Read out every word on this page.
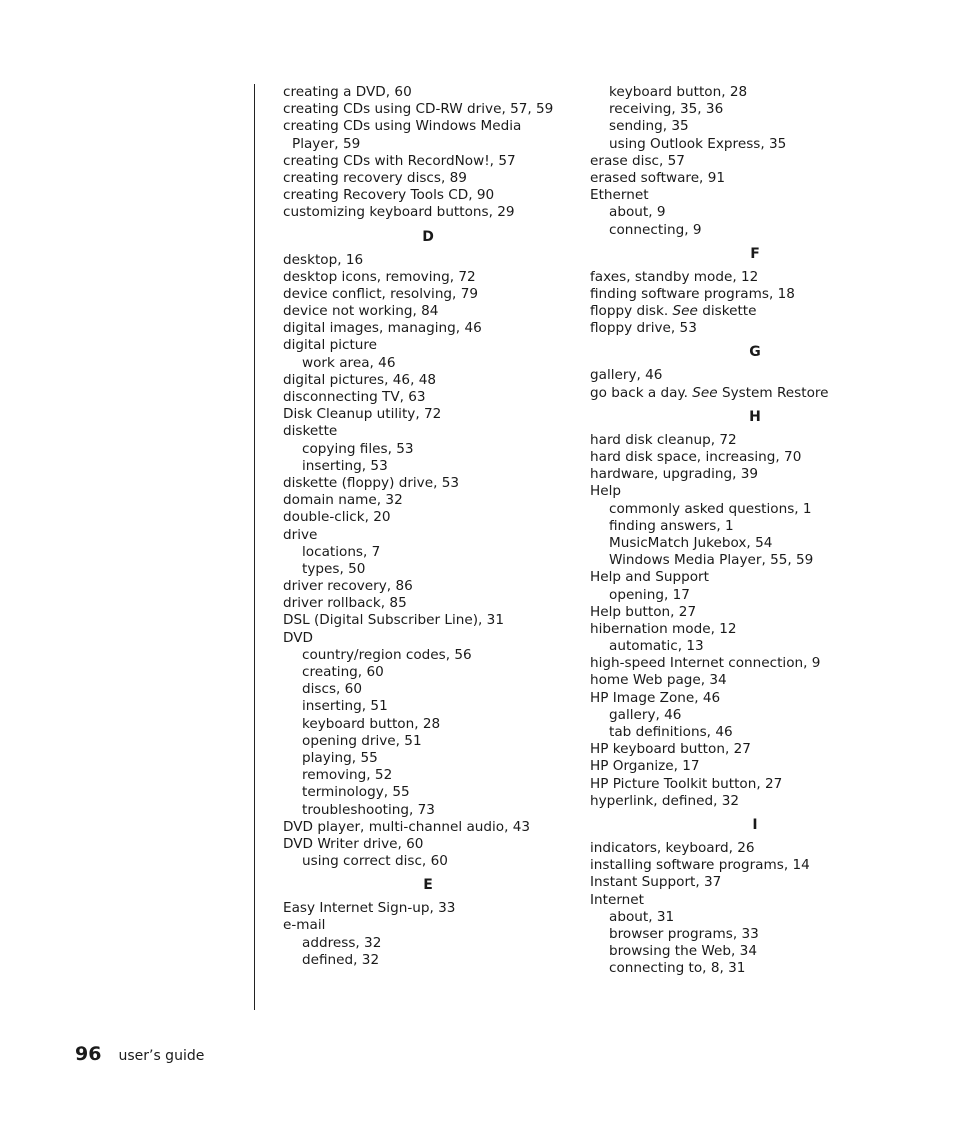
creating a DVD, 60
creating CDs using CD-RW drive, 57, 59
creating CDs using Windows Media
Player, 59
creating CDs with RecordNow!, 57
creating recovery discs, 89
creating Recovery Tools CD, 90
customizing keyboard buttons, 29
D
desktop, 16
desktop icons, removing, 72
device conflict, resolving, 79
device not working, 84
digital images, managing, 46
digital picture
work area, 46
digital pictures, 46, 48
disconnecting TV, 63
Disk Cleanup utility, 72
diskette
copying files, 53
inserting, 53
diskette (floppy) drive, 53
domain name, 32
double-click, 20
drive
locations, 7
types, 50
driver recovery, 86
driver rollback, 85
DSL (Digital Subscriber Line), 31
DVD
country/region codes, 56
creating, 60
discs, 60
inserting, 51
keyboard button, 28
opening drive, 51
playing, 55
removing, 52
terminology, 55
troubleshooting, 73
DVD player, multi-channel audio, 43
DVD Writer drive, 60
using correct disc, 60
E
Easy Internet Sign-up, 33
e-mail
address, 32
defined, 32
keyboard button, 28
receiving, 35, 36
sending, 35
using Outlook Express, 35
erase disc, 57
erased software, 91
Ethernet
about, 9
connecting, 9
F
faxes, standby mode, 12
finding software programs, 18
floppy disk. See diskette
floppy drive, 53
G
gallery, 46
go back a day. See System Restore
H
hard disk cleanup, 72
hard disk space, increasing, 70
hardware, upgrading, 39
Help
commonly asked questions, 1
finding answers, 1
MusicMatch Jukebox, 54
Windows Media Player, 55, 59
Help and Support
opening, 17
Help button, 27
hibernation mode, 12
automatic, 13
high-speed Internet connection, 9
home Web page, 34
HP Image Zone, 46
gallery, 46
tab definitions, 46
HP keyboard button, 27
HP Organize, 17
HP Picture Toolkit button, 27
hyperlink, defined, 32
I
indicators, keyboard, 26
installing software programs, 14
Instant Support, 37
Internet
about, 31
browser programs, 33
browsing the Web, 34
connecting to, 8, 31
96 user’s guide
